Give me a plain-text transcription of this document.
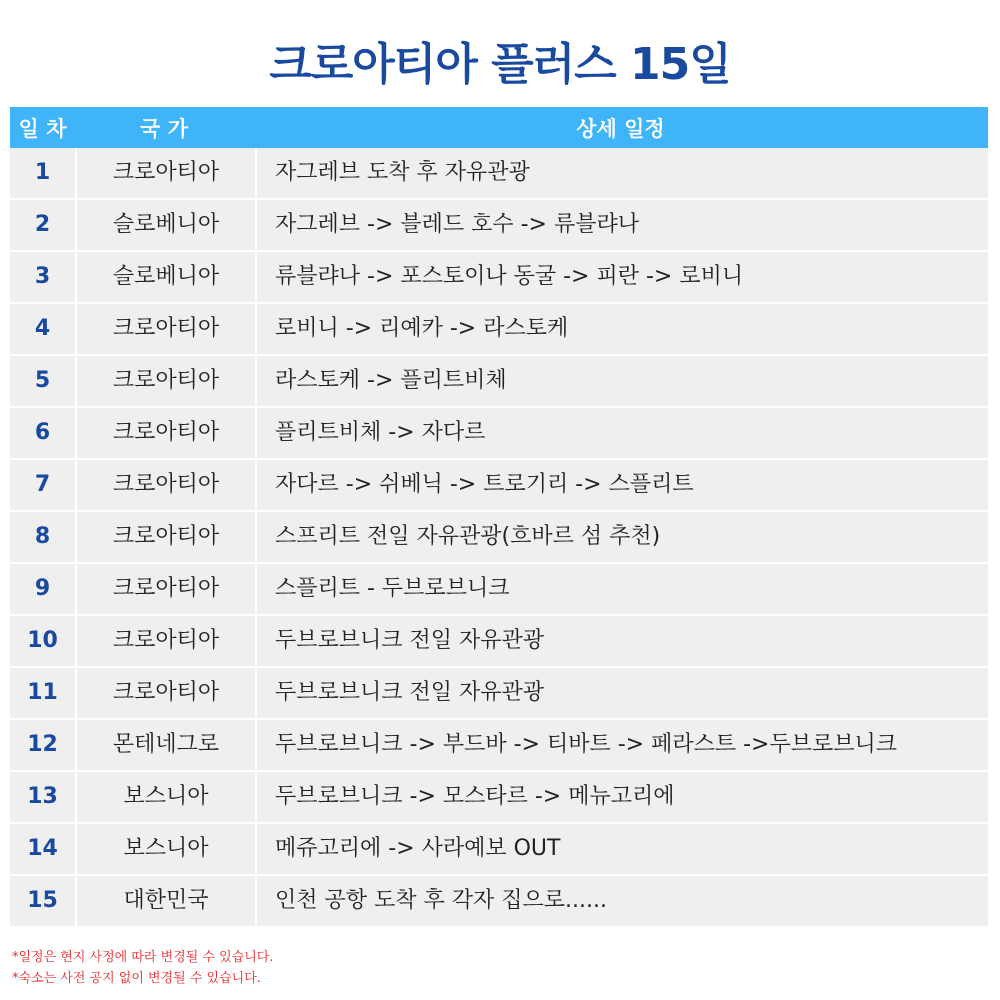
크로아티아 플러스 15일
일 차	국 가	상세 일정
1	크로아티아	자그레브 도착 후 자유관광
2	슬로베니아	자그레브 -> 블레드 호수 -> 류블랴나
3	슬로베니아	류블랴나 -> 포스토이나 동굴 -> 피란 -> 로비니
4	크로아티아	로비니 -> 리예카 -> 라스토케
5	크로아티아	라스토케 -> 플리트비체
6	크로아티아	플리트비체 -> 자다르
7	크로아티아	자다르 -> 쉬베닉 -> 트로기리 -> 스플리트
8	크로아티아	스프리트 전일 자유관광(흐바르 섬 추천)
9	크로아티아	스플리트 - 두브로브니크
10	크로아티아	두브로브니크 전일 자유관광
11	크로아티아	두브로브니크 전일 자유관광
12	몬테네그로	두브로브니크 -> 부드바 -> 티바트 -> 페라스트 ->두브로브니크
13	보스니아	두브로브니크 -> 모스타르 -> 메뉴고리에
14	보스니아	메쥬고리에 -> 사라예보 OUT
15	대한민국	인천 공항 도착 후 각자 집으로......
*일정은 현지 사정에 따라 변경될 수 있습니다.
*숙소는 사전 공지 없이 변경될 수 있습니다.
